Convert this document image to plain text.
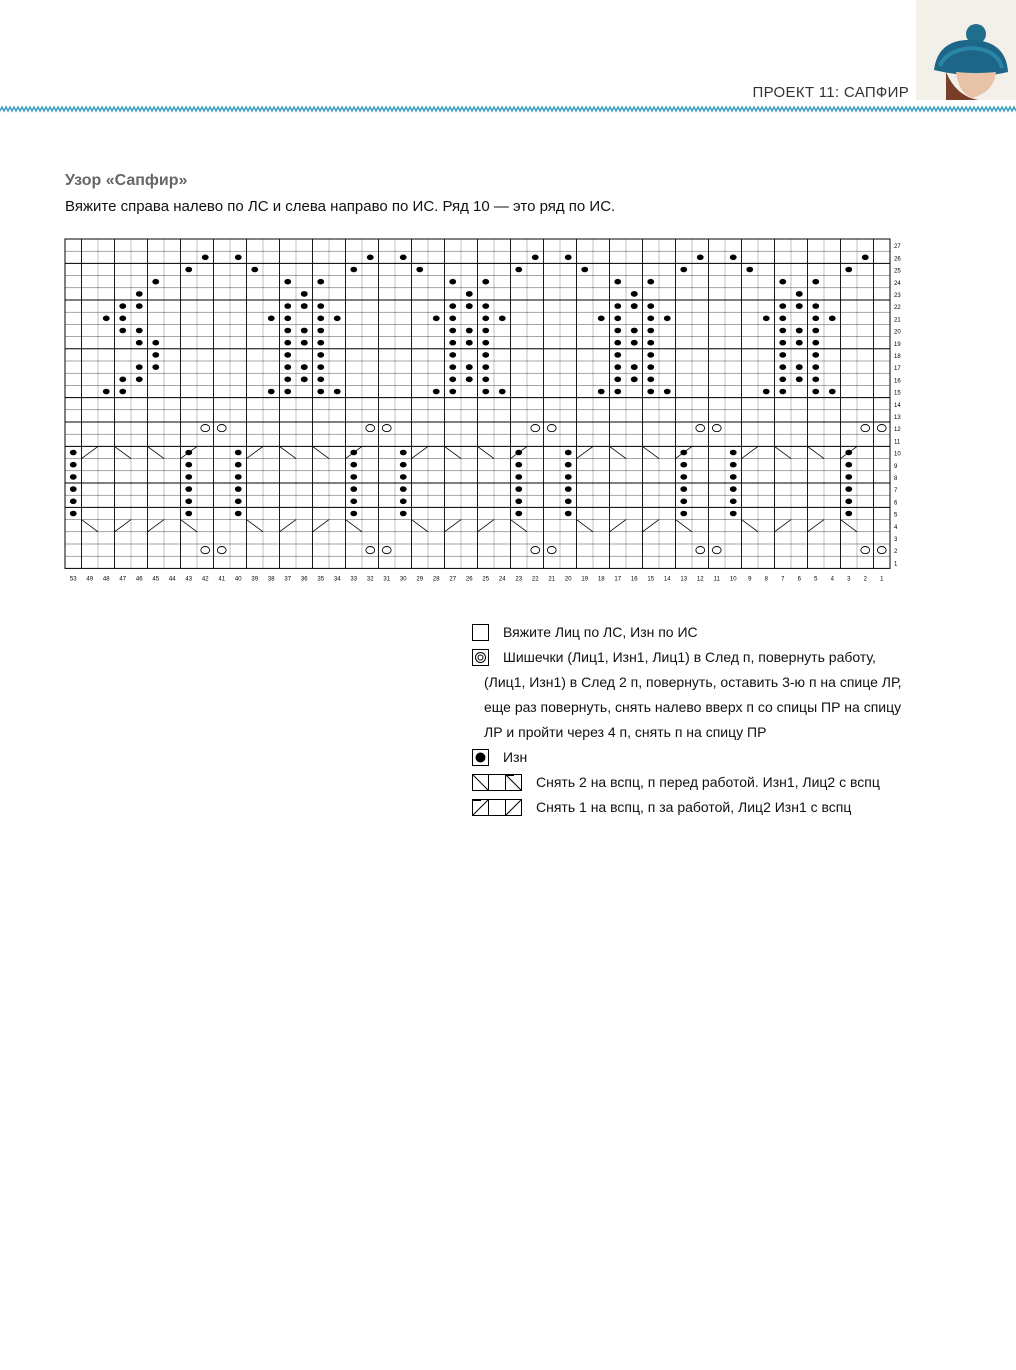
ПРОЕКТ 11: САПФИР
Узор «Сапфир»
Вяжите справа налево по ЛС и слева направо по ИС. Ряд 10 — это ряд по ИС.
53 49 48 47 46 45 44 43 42 41 40 39 38 37 36 35 34 33 32 31 30 29 28 27 26 25 24 23 22 21 20 19 18 17 16 15 14 13 12 11 10 9 8 7 6 5 4 3 2 1
27
26
25
24
23
22
21
20
19
18
17
16
15
14
13
12
11
10
9
8
7
6
5
4
3
2
1
Вяжите Лиц по ЛС, Изн по ИС
Шишечки (Лиц1, Изн1, Лиц1) в След п, повернуть работу,
(Лиц1, Изн1) в След 2 п, повернуть, оставить 3-ю п на спице ЛР,
еще раз повернуть, снять налево вверх п со спицы ПР на спицу
ЛР и пройти через 4 п, снять п на спицу ПР
Изн
Снять 2 на вспц, п перед работой. Изн1, Лиц2 с вспц
Снять 1 на вспц, п за работой, Лиц2 Изн1 с вспц
